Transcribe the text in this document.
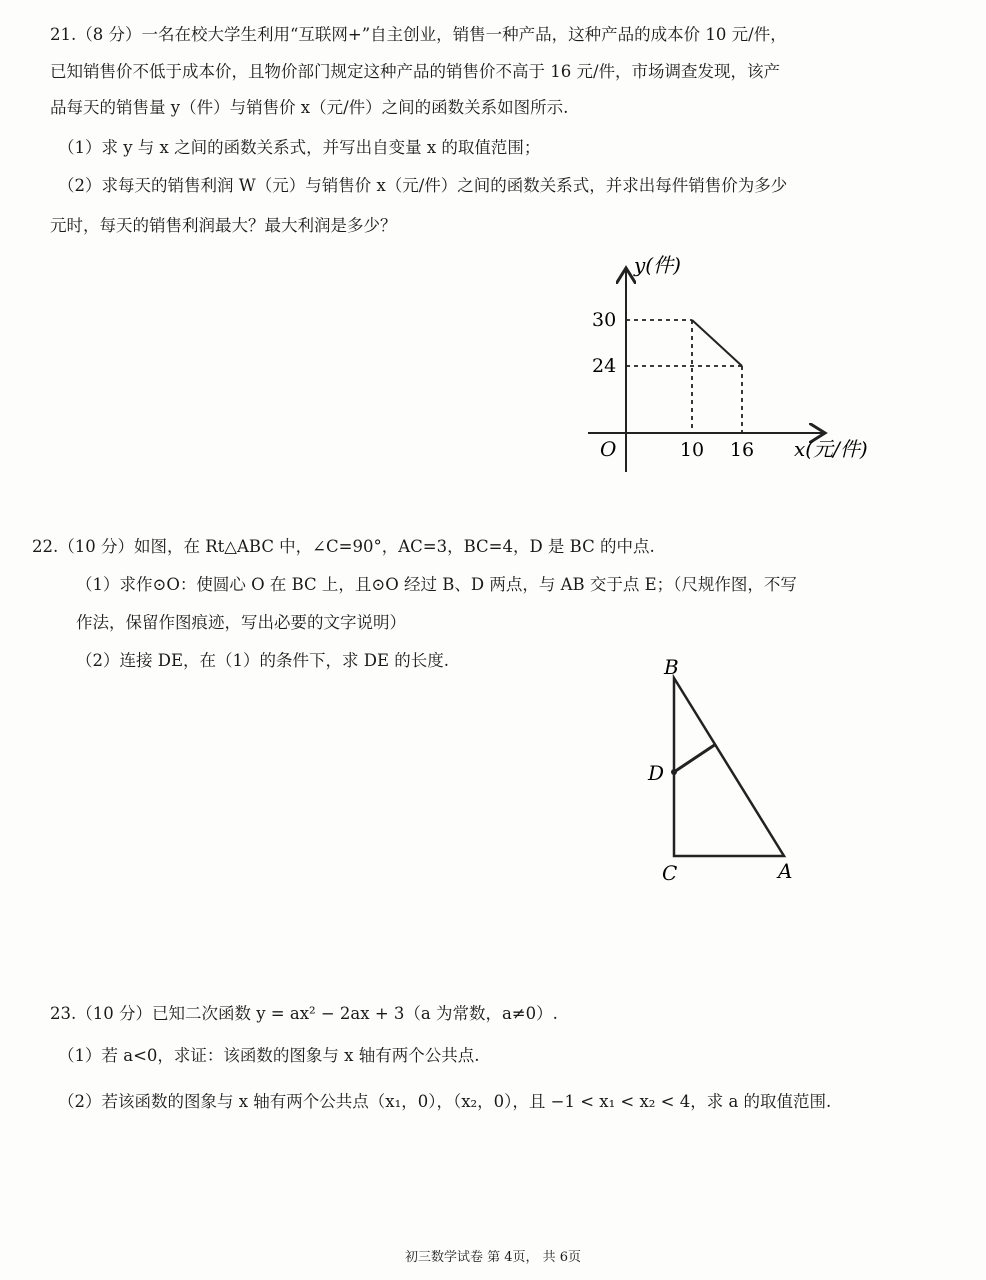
21.（8 分）一名在校大学生利用“互联网+”自主创业，销售一种产品，这种产品的成本价 10 元/件，
已知销售价不低于成本价，且物价部门规定这种产品的销售价不高于 16 元/件，市场调查发现，该产
品每天的销售量 y（件）与销售价 x（元/件）之间的函数关系如图所示.
（1）求 y 与 x 之间的函数关系式，并写出自变量 x 的取值范围；
（2）求每天的销售利润 W（元）与销售价 x（元/件）之间的函数关系式，并求出每件销售价为多少
元时，每天的销售利润最大？最大利润是多少？
y(件)
x(元/件)
O
30
24
10 16
22.（10 分）如图，在 Rt△ABC 中，∠C=90°，AC=3，BC=4，D 是 BC 的中点.
（1）求作⊙O：使圆心 O 在 BC 上，且⊙O 经过 B、D 两点，与 AB 交于点 E；（尺规作图，不写
作法，保留作图痕迹，写出必要的文字说明）
（2）连接 DE，在（1）的条件下，求 DE 的长度.	B
D
C	A
23.（10 分）已知二次函数 y = ax² − 2ax + 3（a 为常数，a≠0）.
（1）若 a<0，求证：该函数的图象与 x 轴有两个公共点.
（2）若该函数的图象与 x 轴有两个公共点（x₁，0），（x₂，0），且 −1 < x₁ < x₂ < 4，求 a 的取值范围.
初三数学试卷 第 4页， 共 6页
